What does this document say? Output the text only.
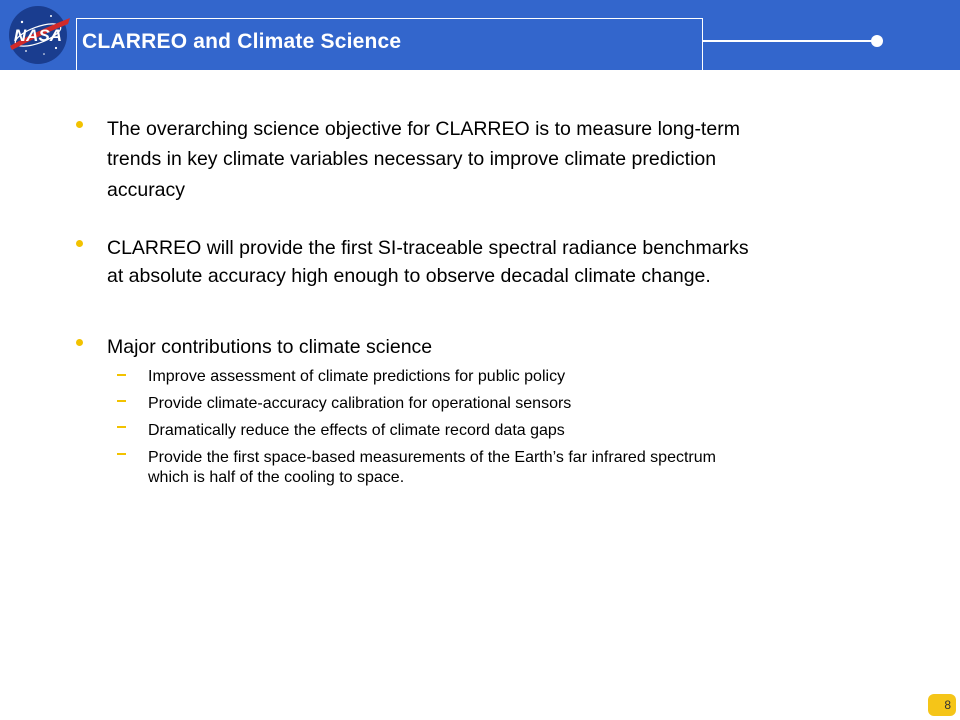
NASA CLARREO and Climate Science
The overarching science objective for CLARREO is to measure long-term
trends in key climate variables necessary to improve climate prediction
accuracy
CLARREO will provide the first SI-traceable spectral radiance benchmarks
at absolute accuracy high enough to observe decadal climate change.
Major contributions to climate science
Improve assessment of climate predictions for public policy
Provide climate-accuracy calibration for operational sensors
Dramatically reduce the effects of climate record data gaps
Provide the first space-based measurements of the Earth’s far infrared spectrum
which is half of the cooling to space.
8
